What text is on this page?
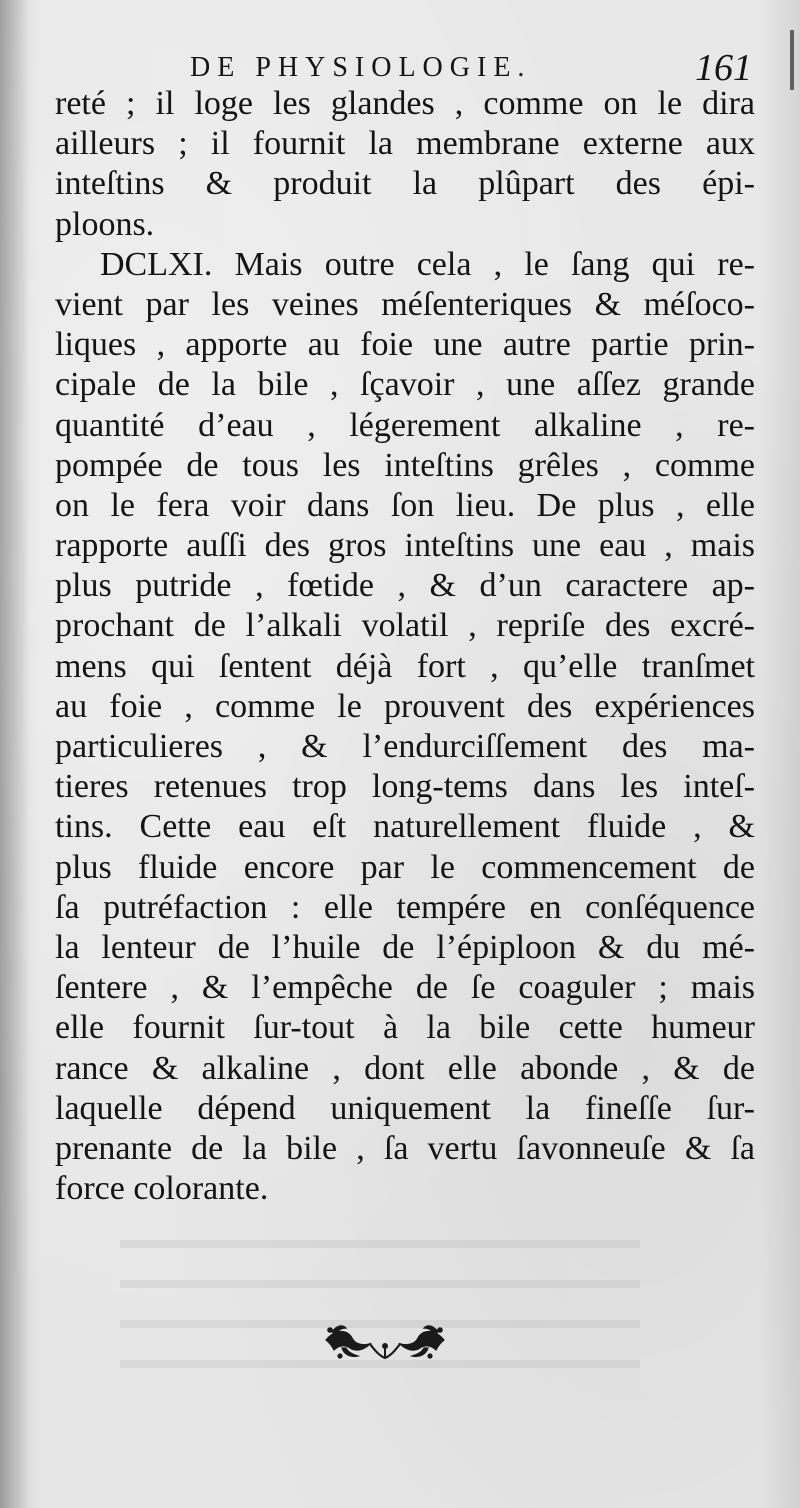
DE PHYSIOLOGIE.	161
reté ; il loge les glandes , comme on le dira
ailleurs ; il fournit la membrane externe aux
inteſtins & produit la plûpart des épi-
ploons.
DCLXI. Mais outre cela , le ſang qui re-
vient par les veines méſenteriques & méſoco-
liques , apporte au foie une autre partie prin-
cipale de la bile , ſçavoir , une aſſez grande
quantité d’eau , légerement alkaline , re-
pompée de tous les inteſtins grêles , comme
on le fera voir dans ſon lieu. De plus , elle
rapporte auſſi des gros inteſtins une eau , mais
plus putride , fœtide , & d’un caractere ap-
prochant de l’alkali volatil , repriſe des excré-
mens qui ſentent déjà fort , qu’elle tranſmet
au foie , comme le prouvent des expériences
particulieres , & l’endurciſſement des ma-
tieres retenues trop long-tems dans les inteſ-
tins. Cette eau eſt naturellement fluide , &
plus fluide encore par le commencement de
ſa putréfaction : elle tempére en conſéquence
la lenteur de l’huile de l’épiploon & du mé-
ſentere , & l’empêche de ſe coaguler ; mais
elle fournit ſur-tout à la bile cette humeur
rance & alkaline , dont elle abonde , & de
laquelle dépend uniquement la fineſſe ſur-
prenante de la bile , ſa vertu ſavonneuſe & ſa
force colorante.
